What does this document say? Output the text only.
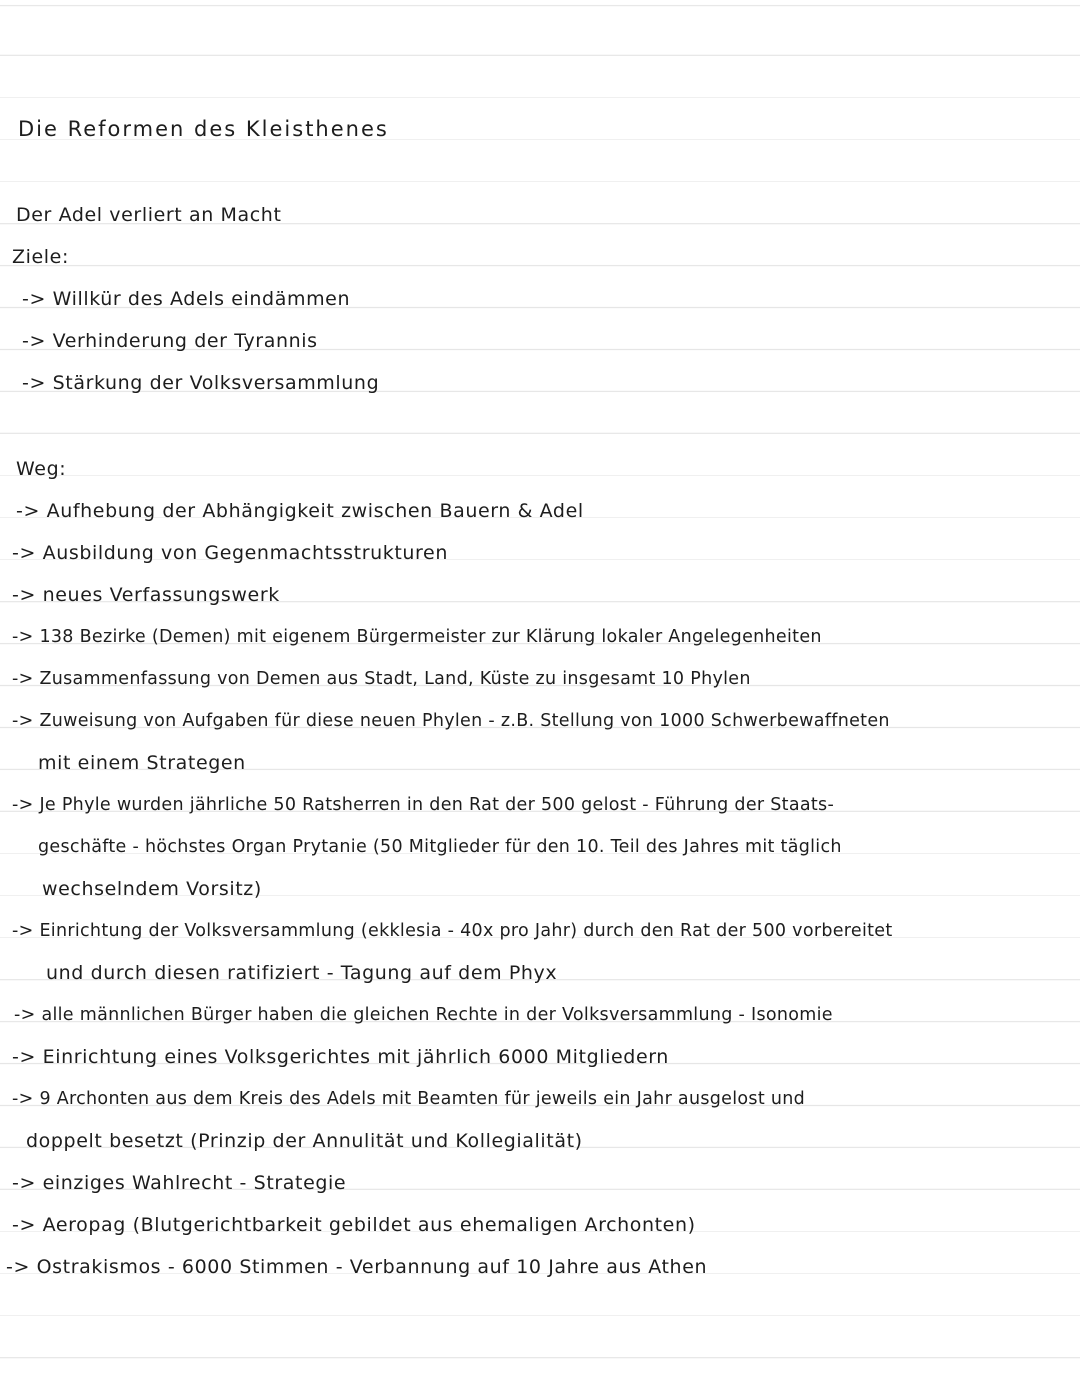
Die Reformen des Kleisthenes
Der Adel verliert an Macht
Ziele:
-> Willkür des Adels eindämmen
-> Verhinderung der Tyrannis
-> Stärkung der Volksversammlung
Weg:
-> Aufhebung der Abhängigkeit zwischen Bauern & Adel
-> Ausbildung von Gegenmachtsstrukturen
-> neues Verfassungswerk
-> 138 Bezirke (Demen) mit eigenem Bürgermeister zur Klärung lokaler Angelegenheiten
-> Zusammenfassung von Demen aus Stadt, Land, Küste zu insgesamt 10 Phylen
-> Zuweisung von Aufgaben für diese neuen Phylen - z.B. Stellung von 1000 Schwerbewaffneten
mit einem Strategen
-> Je Phyle wurden jährliche 50 Ratsherren in den Rat der 500 gelost - Führung der Staats-
geschäfte - höchstes Organ Prytanie (50 Mitglieder für den 10. Teil des Jahres mit täglich
wechselndem Vorsitz)
-> Einrichtung der Volksversammlung (ekklesia - 40x pro Jahr) durch den Rat der 500 vorbereitet
und durch diesen ratifiziert - Tagung auf dem Phyx
-> alle männlichen Bürger haben die gleichen Rechte in der Volksversammlung - Isonomie
-> Einrichtung eines Volksgerichtes mit jährlich 6000 Mitgliedern
-> 9 Archonten aus dem Kreis des Adels mit Beamten für jeweils ein Jahr ausgelost und
doppelt besetzt (Prinzip der Annulität und Kollegialität)
-> einziges Wahlrecht - Strategie
-> Aeropag (Blutgerichtbarkeit gebildet aus ehemaligen Archonten)
-> Ostrakismos - 6000 Stimmen - Verbannung auf 10 Jahre aus Athen
